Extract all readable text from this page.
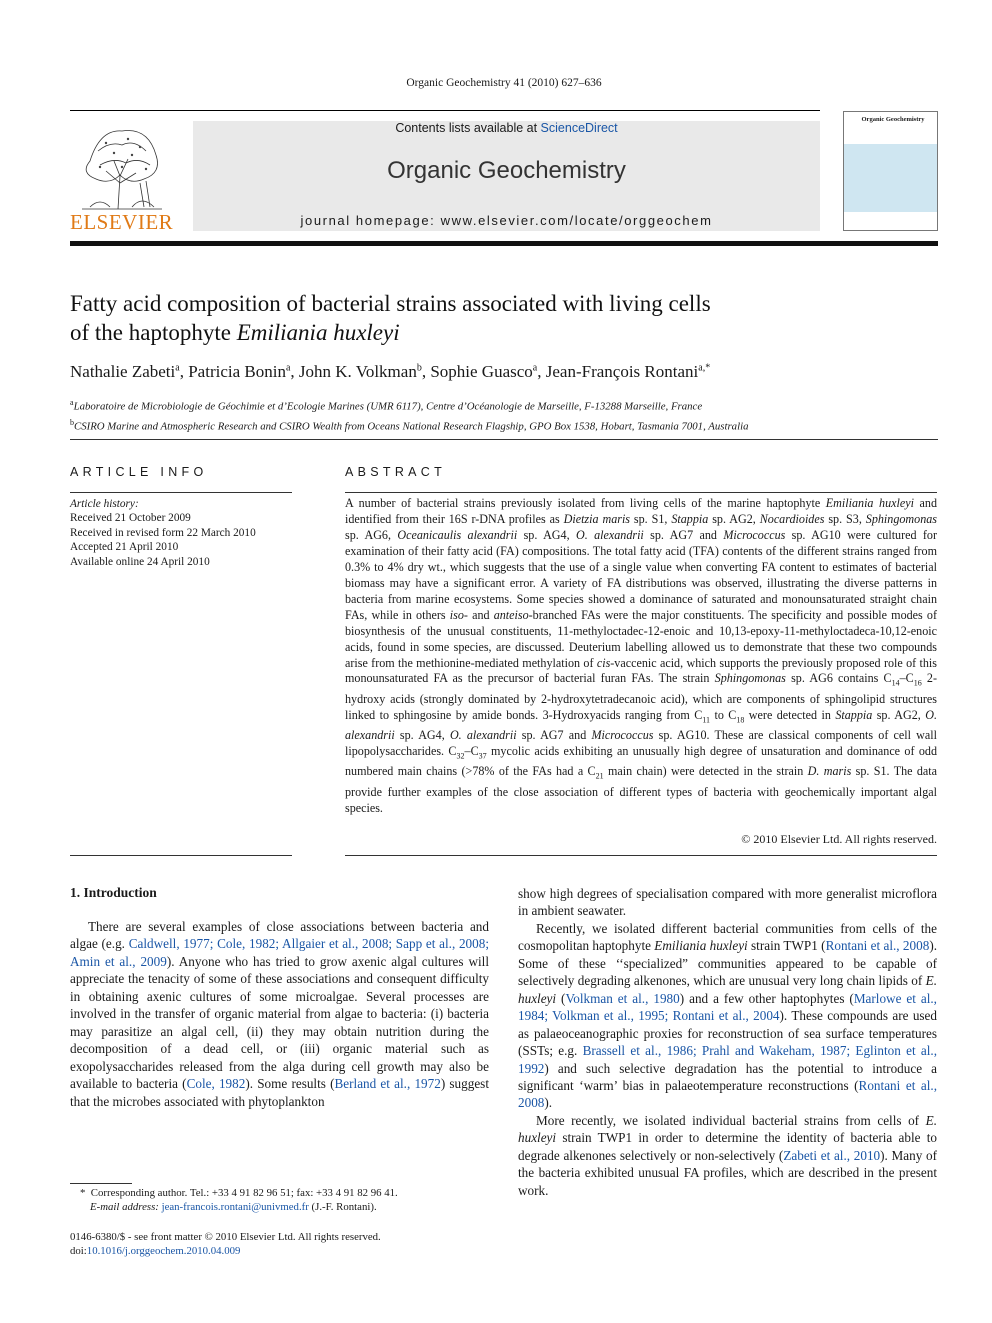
Organic Geochemistry 41 (2010) 627–636
ELSEVIER
Contents lists available at ScienceDirect
Organic Geochemistry
journal homepage: www.elsevier.com/locate/orggeochem
Organic Geochemistry
Fatty acid composition of bacterial strains associated with living cells
of the haptophyte Emiliania huxleyi
Nathalie Zabeti$^a$, Patricia Bonin$^a$, John K. Volkman$^b$, Sophie Guasco$^a$, Jean-François Rontani$^{a,*}$
$^a$Laboratoire de Microbiologie de Géochimie et d’Ecologie Marines (UMR 6117), Centre d’Océanologie de Marseille, F-13288 Marseille, France
$^b$CSIRO Marine and Atmospheric Research and CSIRO Wealth from Oceans National Research Flagship, GPO Box 1538, Hobart, Tasmania 7001, Australia
ARTICLE INFO
Article history:
Received 21 October 2009
Received in revised form 22 March 2010
Accepted 21 April 2010
Available online 24 April 2010
ABSTRACT
A number of bacterial strains previously isolated from living cells of the marine haptophyte Emiliania huxleyi and identified from their 16S r-DNA profiles as Dietzia maris sp. S1, Stappia sp. AG2, Nocardioides sp. S3, Sphingomonas sp. AG6, Oceanicaulis alexandrii sp. AG4, O. alexandrii sp. AG7 and Micrococcus sp. AG10 were cultured for examination of their fatty acid (FA) compositions. The total fatty acid (TFA) contents of the different strains ranged from 0.3% to 4% dry wt., which suggests that the use of a single value when converting FA content to estimates of bacterial biomass may have a significant error. A variety of FA distributions was observed, illustrating the diverse patterns in bacteria from marine ecosystems. Some species showed a dominance of saturated and monounsaturated straight chain FAs, while in others iso- and anteiso-branched FAs were the major constituents. The specificity and possible modes of biosynthesis of the unusual constituents, 11-methyloctadec-12-enoic and 10,13-epoxy-11-methyloctadeca-10,12-enoic acids, found in some species, are discussed. Deuterium labelling allowed us to demonstrate that these two compounds arise from the methionine-mediated methylation of cis-vaccenic acid, which supports the previously proposed role of this monounsaturated FA as the precursor of bacterial furan FAs. The strain Sphingomonas sp. AG6 contains $C_{14}-C_{16}$ 2-hydroxy acids (strongly dominated by 2-hydroxytetradecanoic acid), which are components of sphingolipid structures linked to sphingosine by amide bonds. 3-Hydroxyacids ranging from $C_{11}$ to $C_{18}$ were detected in Stappia sp. AG2, O. alexandrii sp. AG4, O. alexandrii sp. AG7 and Micrococcus sp. AG10. These are classical components of cell wall lipopolysaccharides. $C_{32}-C_{37}$ mycolic acids exhibiting an unusually high degree of unsaturation and dominance of odd numbered main chains (>78% of the FAs had a $C_{21}$ main chain) were detected in the strain D. maris sp. S1. The data provide further examples of the close association of different types of bacteria with geochemically important algal species.
© 2010 Elsevier Ltd. All rights reserved.
1. Introduction

There are several examples of close associations between bacteria and algae (e.g. Caldwell, 1977; Cole, 1982; Allgaier et al., 2008; Sapp et al., 2008; Amin et al., 2009). Anyone who has tried to grow axenic algal cultures will appreciate the tenacity of some of these associations and consequent difficulty in obtaining axenic cultures of some microalgae. Several processes are involved in the transfer of organic material from algae to bacteria: (i) bacteria may parasitize an algal cell, (ii) they may obtain nutrition during the decomposition of a dead cell, or (iii) organic material such as exopolysaccharides released from the alga during cell growth may also be available to bacteria (Cole, 1982). Some results (Berland et al., 1972) suggest that the microbes associated with phytoplankton

show high degrees of specialisation compared with more generalist microflora in ambient seawater.

Recently, we isolated different bacterial communities from cells of the cosmopolitan haptophyte Emiliania huxleyi strain TWP1 (Rontani et al., 2008). Some of these ‘‘specialized” communities appeared to be capable of selectively degrading alkenones, which are unusual very long chain lipids of E. huxleyi (Volkman et al., 1980) and a few other haptophytes (Marlowe et al., 1984; Volkman et al., 1995; Rontani et al., 2004). These compounds are used as palaeoceanographic proxies for reconstruction of sea surface temperatures (SSTs; e.g. Brassell et al., 1986; Prahl and Wakeham, 1987; Eglinton et al., 1992) and such selective degradation has the potential to introduce a significant ‘warm’ bias in palaeotemperature reconstructions (Rontani et al., 2008).

More recently, we isolated individual bacterial strains from cells of E. huxleyi strain TWP1 in order to determine the identity of bacteria able to degrade alkenones selectively or non-selectively (Zabeti et al., 2010). Many of the bacteria exhibited unusual FA profiles, which are described in the present work.

*  Corresponding author. Tel.: +33 4 91 82 96 51; fax: +33 4 91 82 96 41.
E-mail address: jean-francois.rontani@univmed.fr (J.-F. Rontani).
0146-6380/$ - see front matter © 2010 Elsevier Ltd. All rights reserved.
doi:10.1016/j.orggeochem.2010.04.009
